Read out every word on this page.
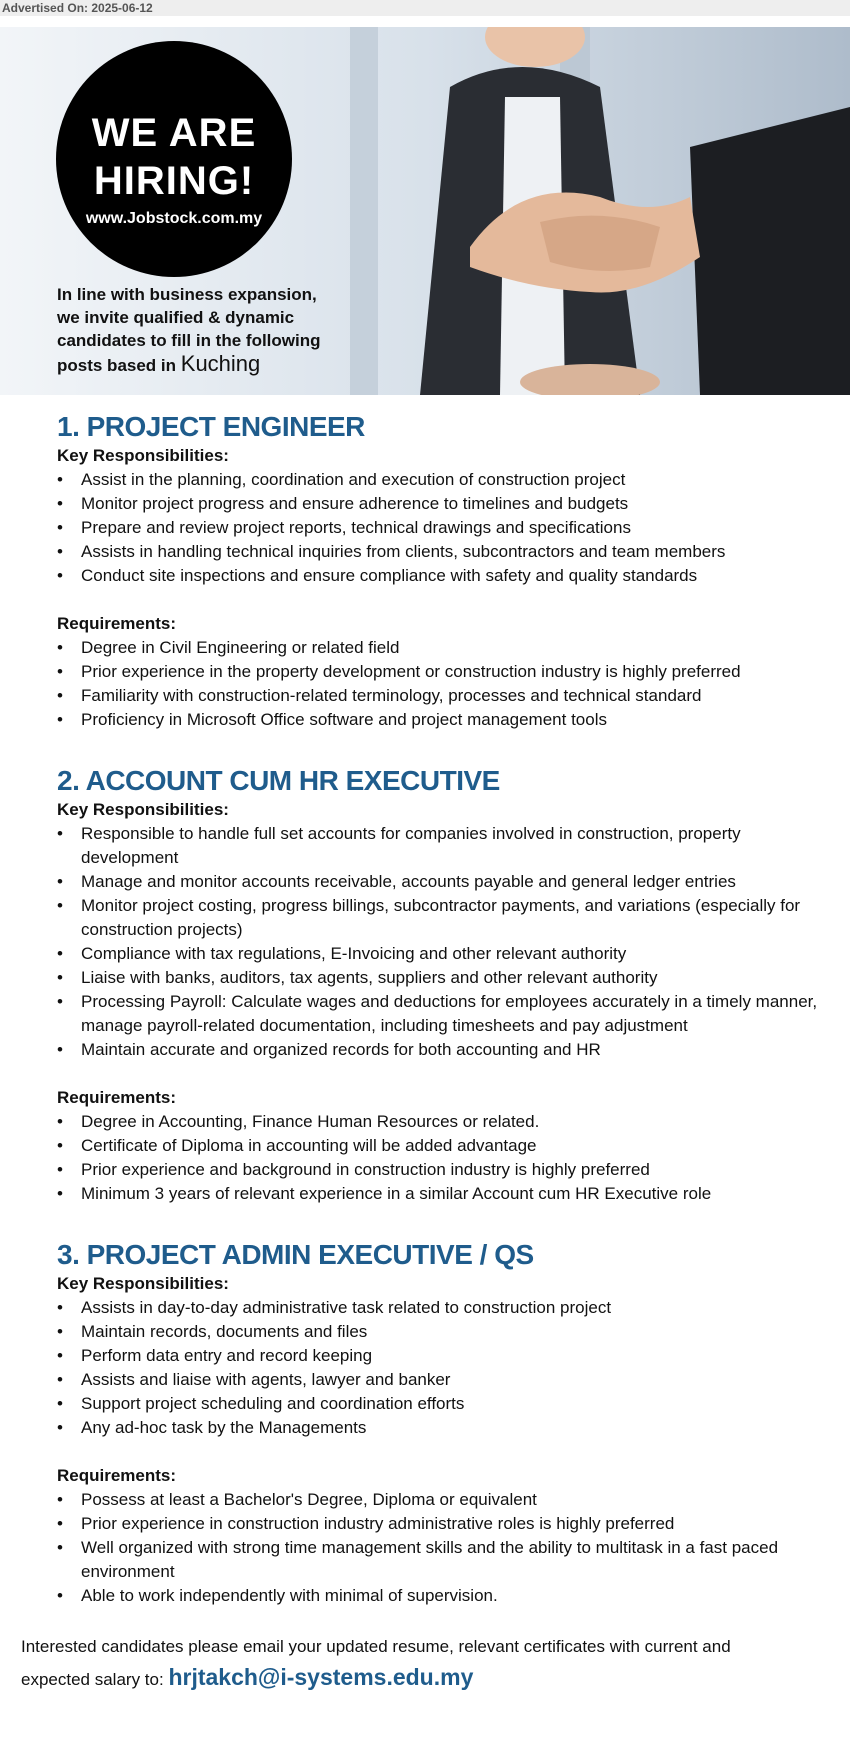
Advertised On: 2025-06-12
WE ARE
HIRING!
www.Jobstock.com.my
In line with business expansion,
we invite qualified & dynamic
candidates to fill in the following
posts based in Kuching
1. PROJECT ENGINEER
Key Responsibilities:
• Assist in the planning, coordination and execution of construction project
• Monitor project progress and ensure adherence to timelines and budgets
• Prepare and review project reports, technical drawings and specifications
• Assists in handling technical inquiries from clients, subcontractors and team members
• Conduct site inspections and ensure compliance with safety and quality standards
Requirements:
• Degree in Civil Engineering or related field
• Prior experience in the property development or construction industry is highly preferred
• Familiarity with construction-related terminology, processes and technical standard
• Proficiency in Microsoft Office software and project management tools
2. ACCOUNT CUM HR EXECUTIVE
Key Responsibilities:
• Responsible to handle full set accounts for companies involved in construction, property development
• Manage and monitor accounts receivable, accounts payable and general ledger entries
• Monitor project costing, progress billings, subcontractor payments, and variations (especially for construction projects)
• Compliance with tax regulations, E-Invoicing and other relevant authority
• Liaise with banks, auditors, tax agents, suppliers and other relevant authority
• Processing Payroll: Calculate wages and deductions for employees accurately in a timely manner, manage payroll-related documentation, including timesheets and pay adjustment
• Maintain accurate and organized records for both accounting and HR
Requirements:
• Degree in Accounting, Finance Human Resources or related.
• Certificate of Diploma in accounting will be added advantage
• Prior experience and background in construction industry is highly preferred
• Minimum 3 years of relevant experience in a similar Account cum HR Executive role
3. PROJECT ADMIN EXECUTIVE / QS
Key Responsibilities:
• Assists in day-to-day administrative task related to construction project
• Maintain records, documents and files
• Perform data entry and record keeping
• Assists and liaise with agents, lawyer and banker
• Support project scheduling and coordination efforts
• Any ad-hoc task by the Managements
Requirements:
• Possess at least a Bachelor's Degree, Diploma or equivalent
• Prior experience in construction industry administrative roles is highly preferred
• Well organized with strong time management skills and the ability to multitask in a fast paced environment
• Able to work independently with minimal of supervision.
Interested candidates please email your updated resume, relevant certificates with current and
expected salary to: hrjtakch@i-systems.edu.my
